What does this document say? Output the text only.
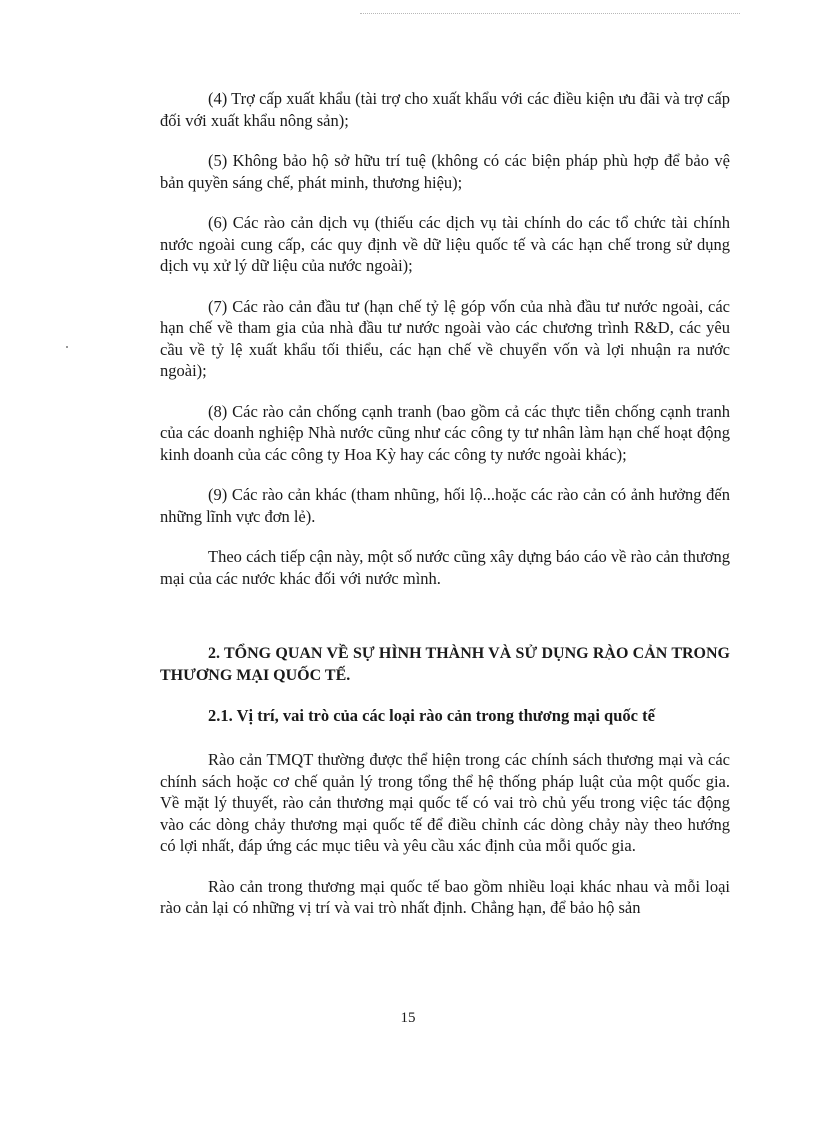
(4) Trợ cấp xuất khẩu (tài trợ cho xuất khẩu với các điều kiện ưu đãi và trợ cấp đối với xuất khẩu nông sản);

(5) Không bảo hộ sở hữu trí tuệ (không có các biện pháp phù hợp để bảo vệ bản quyền sáng chế, phát minh, thương hiệu);

(6) Các rào cản dịch vụ (thiếu các dịch vụ tài chính do các tổ chức tài chính nước ngoài cung cấp, các quy định về dữ liệu quốc tế và các hạn chế trong sử dụng dịch vụ xử lý dữ liệu của nước ngoài);

(7) Các rào cản đầu tư (hạn chế tỷ lệ góp vốn của nhà đầu tư nước ngoài, các hạn chế về tham gia của nhà đầu tư nước ngoài vào các chương trình R&D, các yêu cầu về tỷ lệ xuất khẩu tối thiểu, các hạn chế về chuyển vốn và lợi nhuận ra nước ngoài);

(8) Các rào cản chống cạnh tranh (bao gồm cả các thực tiễn chống cạnh tranh của các doanh nghiệp Nhà nước cũng như các công ty tư nhân làm hạn chế hoạt động kinh doanh của các công ty Hoa Kỳ hay các công ty nước ngoài khác);

(9) Các rào cản khác (tham nhũng, hối lộ...hoặc các rào cản có ảnh hưởng đến những lĩnh vực đơn lẻ).

Theo cách tiếp cận này, một số nước cũng xây dựng báo cáo về rào cản thương mại của các nước khác đối với nước mình.

2. TỔNG QUAN VỀ SỰ HÌNH THÀNH VÀ SỬ DỤNG RÀO CẢN TRONG THƯƠNG MẠI QUỐC TẾ.
2.1. Vị trí, vai trò của các loại rào cản trong thương mại quốc tế

Rào cản TMQT thường được thể hiện trong các chính sách thương mại và các chính sách hoặc cơ chế quản lý trong tổng thể hệ thống pháp luật của một quốc gia. Về mặt lý thuyết, rào cản thương mại quốc tế có vai trò chủ yếu trong việc tác động vào các dòng chảy thương mại quốc tế để điều chỉnh các dòng chảy này theo hướng có lợi nhất, đáp ứng các mục tiêu và yêu cầu xác định của mỗi quốc gia.

Rào cản trong thương mại quốc tế bao gồm nhiều loại khác nhau và mỗi loại rào cản lại có những vị trí và vai trò nhất định. Chẳng hạn, để bảo hộ sản

15
